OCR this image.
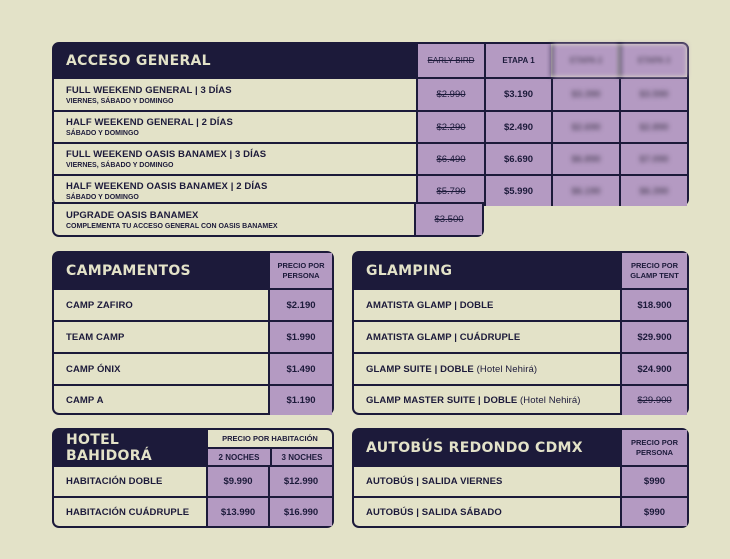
ACCESO GENERAL	EARLY BIRD	ETAPA 1	ETAPA 2	ETAPA 3
FULL WEEKEND GENERAL | 3 DÍAS
VIERNES, SÁBADO Y DOMINGO
$2.990	$3.190	$3.390	$3.590
HALF WEEKEND GENERAL | 2 DÍAS
SÁBADO Y DOMINGO
$2.290	$2.490	$2.690	$2.890
FULL WEEKEND OASIS BANAMEX | 3 DÍAS
VIERNES, SÁBADO Y DOMINGO
$6.490	$6.690	$6.890	$7.090
HALF WEEKEND OASIS BANAMEX | 2 DÍAS
SÁBADO Y DOMINGO
$5.790	$5.990	$6.190	$6.390
UPGRADE OASIS BANAMEX
COMPLEMENTA TU ACCESO GENERAL CON OASIS BANAMEX
$3.500
CAMPAMENTOS	PRECIO POR PERSONA
CAMP ZAFIRO	$2.190
TEAM CAMP	$1.990
CAMP ÓNIX	$1.490
CAMP A	$1.190
GLAMPING	PRECIO POR GLAMP TENT
AMATISTA GLAMP | DOBLE	$18.900
AMATISTA GLAMP | CUÁDRUPLE	$29.900
GLAMP SUITE | DOBLE (Hotel Nehirá)	$24.900
GLAMP MASTER SUITE | DOBLE (Hotel Nehirá)	$29.900
HOTEL BAHIDORÁ
PRECIO POR HABITACIÓN
2 NOCHES	3 NOCHES
HABITACIÓN DOBLE	$9.990	$12.990
HABITACIÓN CUÁDRUPLE	$13.990	$16.990
AUTOBÚS REDONDO CDMX	PRECIO POR PERSONA
AUTOBÚS | SALIDA VIERNES	$990
AUTOBÚS | SALIDA SÁBADO	$990
